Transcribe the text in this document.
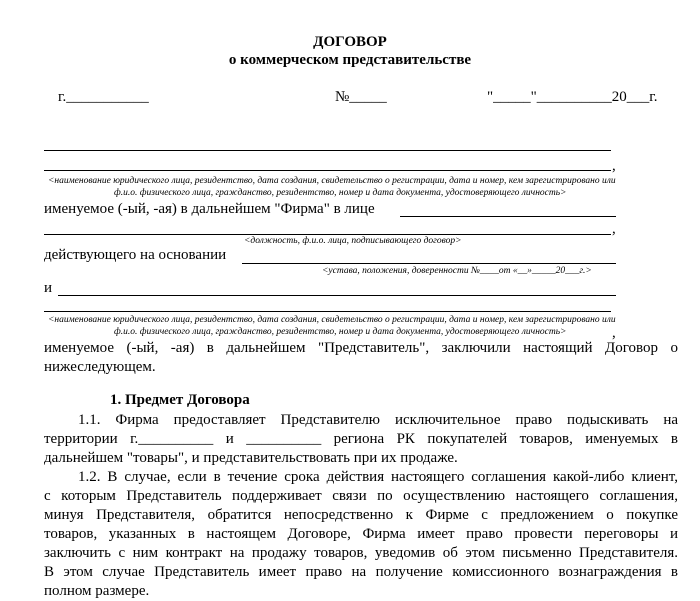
ДОГОВОР
о коммерческом представительстве
г.___________	№_____	"_____"__________20___г.
,
<наименование юридического лица, резидентство, дата создания, свидетельство о регистрации, дата и номер, кем зарегистрировано или
ф.и.о. физического лица, гражданство, резидентство, номер и дата документа, удостоверяющего личность>
именуемое (-ый, -ая) в дальнейшем "Фирма" в лице
,
<должность, ф.и.о. лица, подписывающего договор>
действующего на основании
<устава, положения, доверенности №____от «__»_____20___г.>
и
<наименование юридического лица, резидентство, дата создания, свидетельство о регистрации, дата и номер, кем зарегистрировано или
ф.и.о. физического лица, гражданство, резидентство, номер и дата документа, удостоверяющего личность>	,
именуемое (-ый, -ая) в дальнейшем "Представитель", заключили настоящий Договор о
нижеследующем.
1. Предмет Договора
1.1. Фирма предоставляет Представителю исключительное право подыскивать на
территории г.__________ и __________ региона РК покупателей товаров, именуемых в
дальнейшем "товары", и представительствовать при их продаже.
1.2. В случае, если в течение срока действия настоящего соглашения какой-либо клиент,
с которым Представитель поддерживает связи по осуществлению настоящего соглашения,
минуя Представителя, обратится непосредственно к Фирме с предложением о покупке
товаров, указанных в настоящем Договоре, Фирма имеет право провести переговоры и
заключить с ним контракт на продажу товаров, уведомив об этом письменно Представителя.
В этом случае Представитель имеет право на получение комиссионного вознаграждения в
полном размере.
